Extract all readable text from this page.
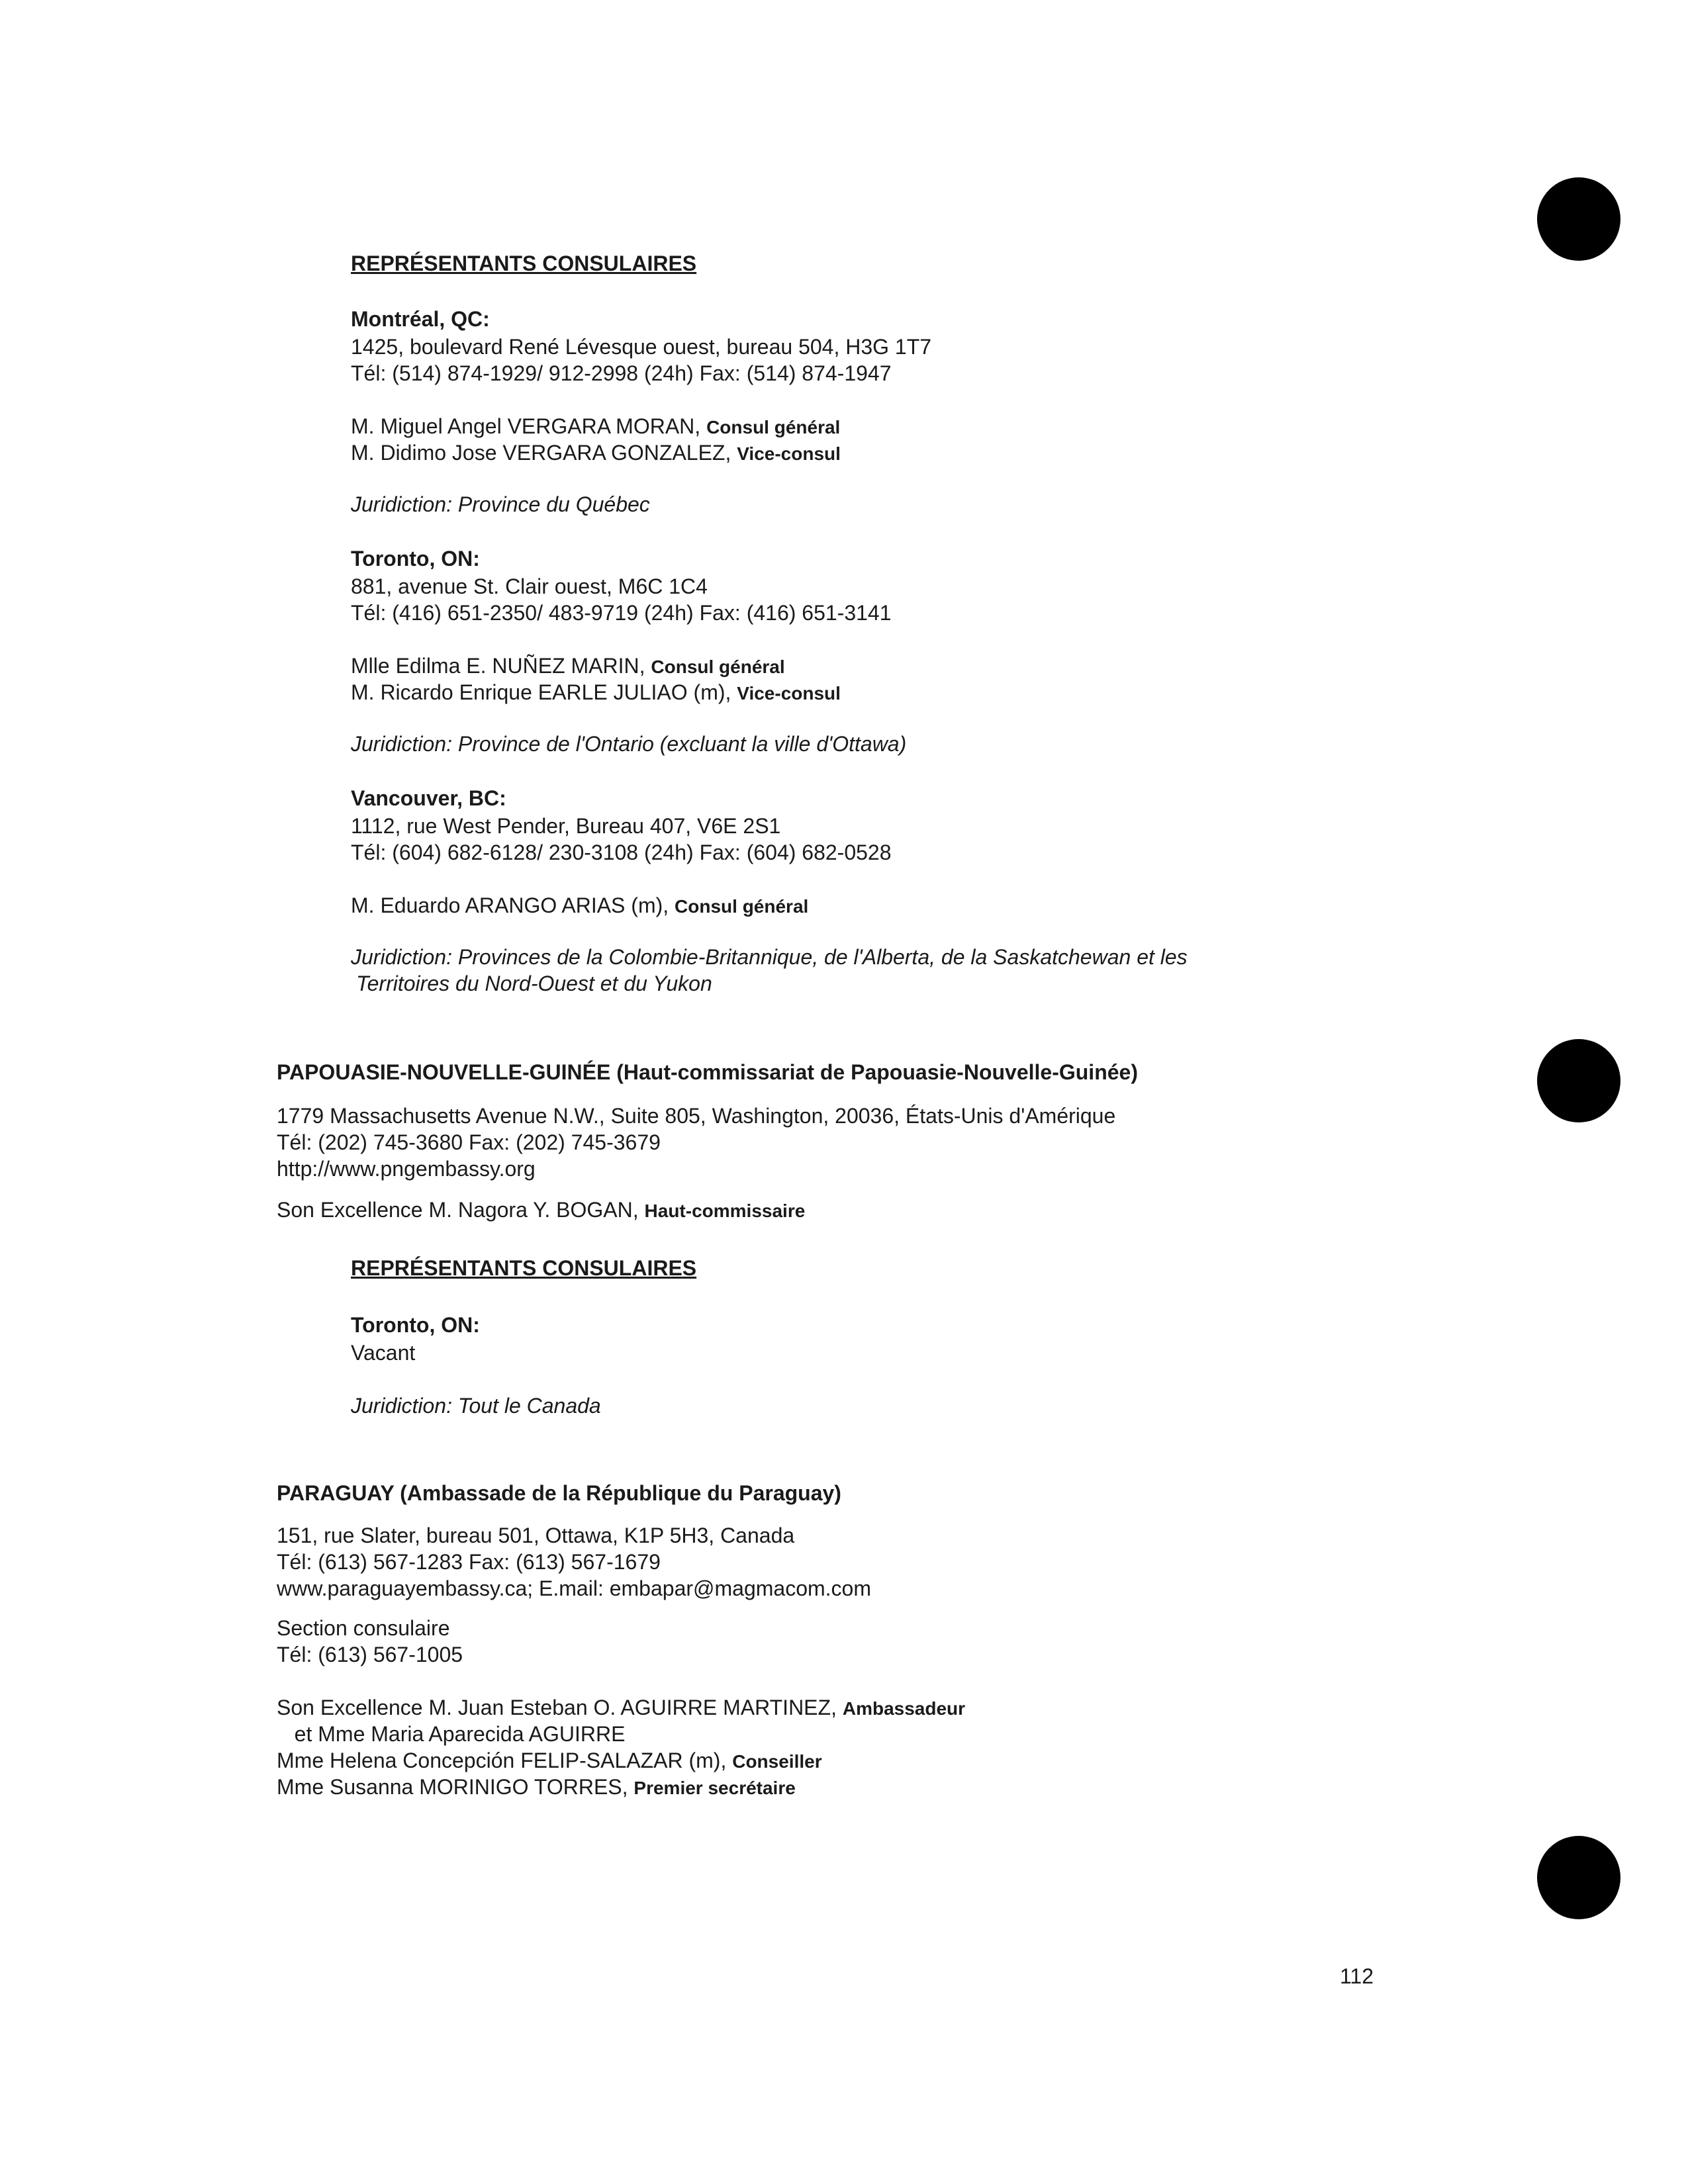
REPRÉSENTANTS CONSULAIRES
Montréal, QC:
1425, boulevard René Lévesque ouest, bureau 504, H3G 1T7
Tél: (514) 874-1929/ 912-2998 (24h) Fax: (514) 874-1947
M. Miguel Angel VERGARA MORAN, Consul général
M. Didimo Jose VERGARA GONZALEZ, Vice-consul
Juridiction: Province du Québec
Toronto, ON:
881, avenue St. Clair ouest, M6C 1C4
Tél: (416) 651-2350/ 483-9719 (24h) Fax: (416) 651-3141
Mlle Edilma E. NUÑEZ MARIN, Consul général
M. Ricardo Enrique EARLE JULIAO (m), Vice-consul
Juridiction: Province de l'Ontario (excluant la ville d'Ottawa)
Vancouver, BC:
1112, rue West Pender, Bureau 407, V6E 2S1
Tél: (604) 682-6128/ 230-3108 (24h) Fax: (604) 682-0528
M. Eduardo ARANGO ARIAS (m), Consul général
Juridiction: Provinces de la Colombie-Britannique, de l'Alberta, de la Saskatchewan et les
Territoires du Nord-Ouest et du Yukon
PAPOUASIE-NOUVELLE-GUINÉE (Haut-commissariat de Papouasie-Nouvelle-Guinée)
1779 Massachusetts Avenue N.W., Suite 805, Washington, 20036, États-Unis d'Amérique
Tél: (202) 745-3680 Fax: (202) 745-3679
http://www.pngembassy.org
Son Excellence M. Nagora Y. BOGAN, Haut-commissaire
REPRÉSENTANTS CONSULAIRES
Toronto, ON:
Vacant
Juridiction: Tout le Canada
PARAGUAY (Ambassade de la République du Paraguay)
151, rue Slater, bureau 501, Ottawa, K1P 5H3, Canada
Tél: (613) 567-1283 Fax: (613) 567-1679
www.paraguayembassy.ca; E.mail: embapar@magmacom.com
Section consulaire
Tél: (613) 567-1005
Son Excellence M. Juan Esteban O. AGUIRRE MARTINEZ, Ambassadeur
et Mme Maria Aparecida AGUIRRE
Mme Helena Concepción FELIP-SALAZAR (m), Conseiller
Mme Susanna MORINIGO TORRES, Premier secrétaire
112
